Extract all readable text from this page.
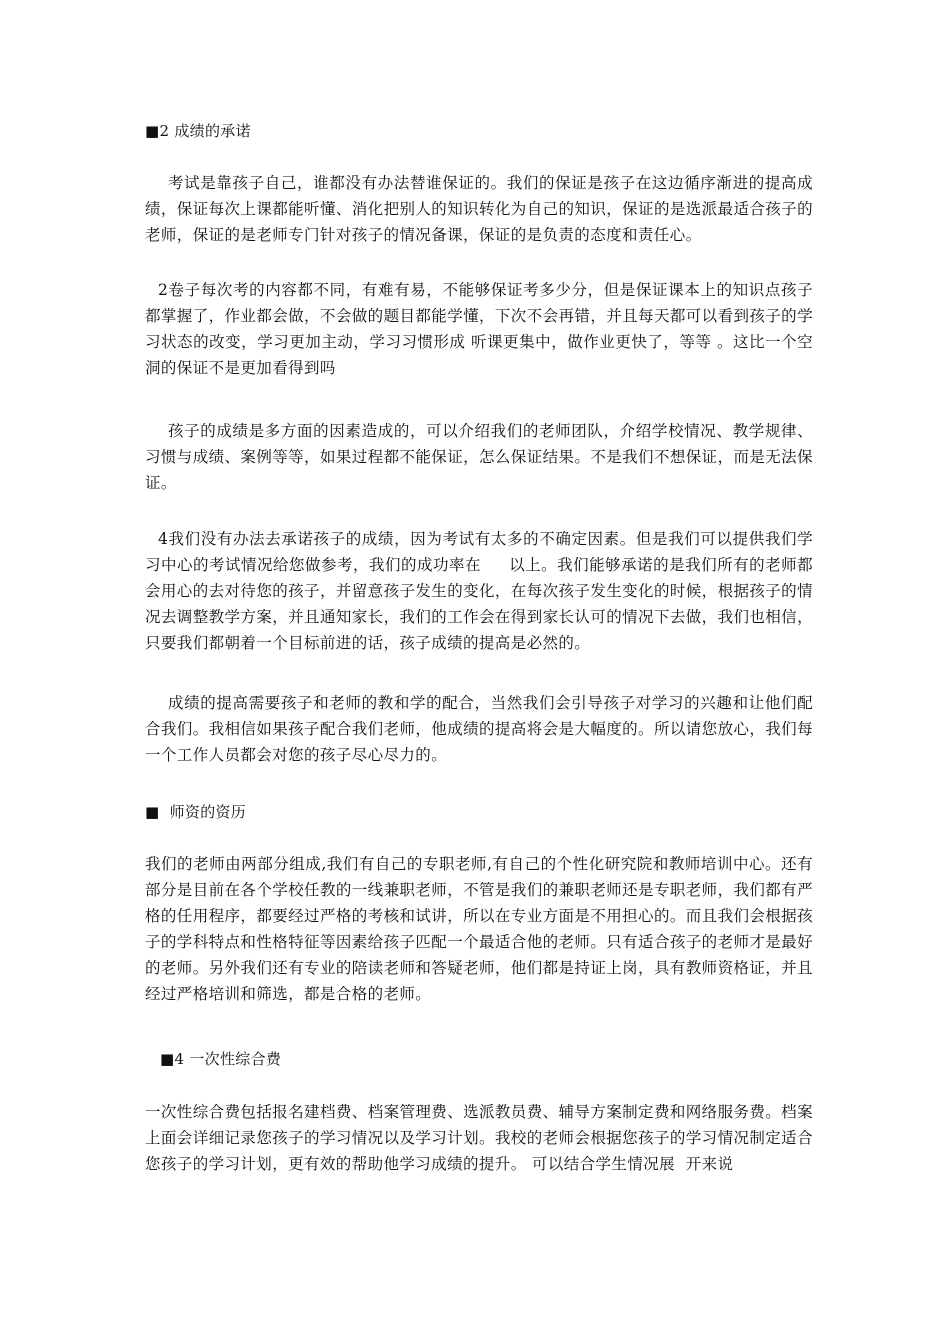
■2 成绩的承诺
考试是靠孩子自己，谁都没有办法替谁保证的。我们的保证是孩子在这边循序渐进的提高成绩，保证每次上课都能听懂、消化把别人的知识转化为自己的知识，保证的是选派最适合孩子的老师，保证的是老师专门针对孩子的情况备课，保证的是负责的态度和责任心。
2卷子每次考的内容都不同，有难有易，不能够保证考多少分，但是保证课本上的知识点孩子都掌握了，作业都会做，不会做的题目都能学懂，下次不会再错，并且每天都可以看到孩子的学习状态的改变，学习更加主动，学习习惯形成 听课更集中，做作业更快了，等等 。这比一个空洞的保证不是更加看得到吗
孩子的成绩是多方面的因素造成的，可以介绍我们的老师团队，介绍学校情况、教学规律、习惯与成绩、案例等等，如果过程都不能保证，怎么保证结果。不是我们不想保证，而是无法保证。
4我们没有办法去承诺孩子的成绩，因为考试有太多的不确定因素。但是我们可以提供我们学习中心的考试情况给您做参考，我们的成功率在 以上。我们能够承诺的是我们所有的老师都会用心的去对待您的孩子，并留意孩子发生的变化，在每次孩子发生变化的时候，根据孩子的情况去调整教学方案，并且通知家长，我们的工作会在得到家长认可的情况下去做，我们也相信，只要我们都朝着一个目标前进的话，孩子成绩的提高是必然的。
成绩的提高需要孩子和老师的教和学的配合，当然我们会引导孩子对学习的兴趣和让他们配合我们。我相信如果孩子配合我们老师，他成绩的提高将会是大幅度的。所以请您放心，我们每一个工作人员都会对您的孩子尽心尽力的。
■  师资的资历
我们的老师由两部分组成,我们有自己的专职老师,有自己的个性化研究院和教师培训中心。还有部分是目前在各个学校任教的一线兼职老师，不管是我们的兼职老师还是专职老师，我们都有严格的任用程序，都要经过严格的考核和试讲，所以在专业方面是不用担心的。而且我们会根据孩子的学科特点和性格特征等因素给孩子匹配一个最适合他的老师。只有适合孩子的老师才是最好的老师。另外我们还有专业的陪读老师和答疑老师，他们都是持证上岗，具有教师资格证，并且经过严格培训和筛选，都是合格的老师。
■4 一次性综合费
一次性综合费包括报名建档费、档案管理费、选派教员费、辅导方案制定费和网络服务费。档案上面会详细记录您孩子的学习情况以及学习计划。我校的老师会根据您孩子的学习情况制定适合您孩子的学习计划，更有效的帮助他学习成绩的提升。 可以结合学生情况展  开来说
